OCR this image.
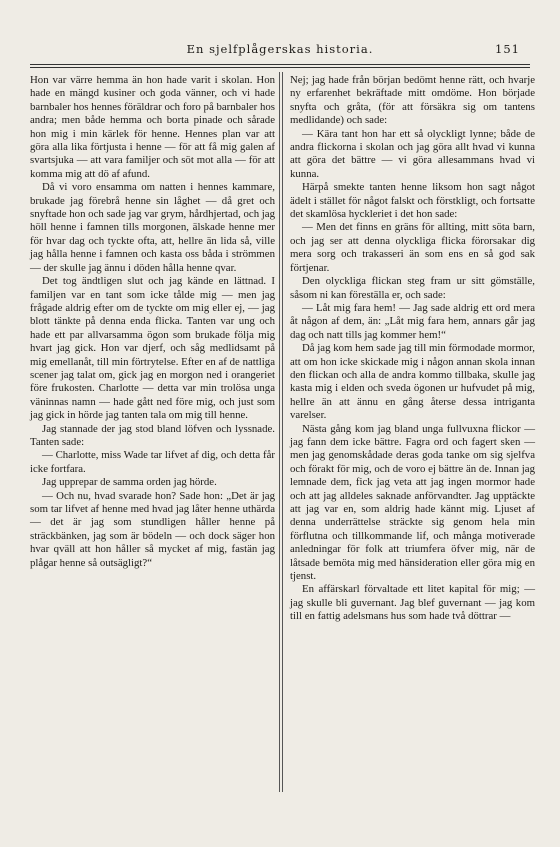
En sjelfplågerskas historia.	151

Hon var värre hemma än hon hade varit i skolan. Hon hade en mängd kusiner och goda vänner, och vi hade barnbaler hos hennes föräldrar och foro på barnbaler hos andra; men både hemma och borta pinade och sårade hon mig i min kärlek för henne. Hennes plan var att göra alla lika förtjusta i henne — för att få mig galen af svartsjuka — att vara familjer och söt mot alla — för att komma mig att dö af afund.

Då vi voro ensamma om natten i hennes kammare, brukade jag förebrå henne sin låghet — då gret och snyftade hon och sade jag var grym, hårdhjertad, och jag höll henne i famnen tills morgonen, älskade henne mer för hvar dag och tyckte ofta, att, hellre än lida så, ville jag hålla henne i famnen och kasta oss båda i strömmen — der skulle jag ännu i döden hålla henne qvar.

Det tog ändtligen slut och jag kände en lättnad. I familjen var en tant som icke tålde mig — men jag frågade aldrig efter om de tyckte om mig eller ej, — jag blott tänkte på denna enda flicka. Tanten var ung och hade ett par allvarsamma ögon som brukade följa mig hvart jag gick. Hon var djerf, och såg medlidsamt på mig emellanåt, till min förtrytelse. Efter en af de nattliga scener jag talat om, gick jag en morgon ned i orangeriet före frukosten. Charlotte — detta var min trolösa unga väninnas namn — hade gått ned före mig, och just som jag gick in hörde jag tanten tala om mig till henne.

Jag stannade der jag stod bland löfven och lyssnade. Tanten sade:

— Charlotte, miss Wade tar lifvet af dig, och detta får icke fortfara.

Jag upprepar de samma orden jag hörde.

— Och nu, hvad svarade hon? Sade hon: „Det är jag som tar lifvet af henne med hvad jag låter henne uthärda — det är jag som stundligen håller henne på sträckbänken, jag som är bödeln — och dock säger hon hvar qväll att hon håller så mycket af mig, fastän jag plågar henne så outsägligt?“

Nej; jag hade från början bedömt henne rätt, och hvarje ny erfarenhet bekräftade mitt omdöme. Hon började snyfta och gråta, (för att försäkra sig om tantens medlidande) och sade:

— Kära tant hon har ett så olyckligt lynne; både de andra flickorna i skolan och jag göra allt hvad vi kunna att göra det bättre — vi göra allesammans hvad vi kunna.

Härpå smekte tanten henne liksom hon sagt något ädelt i stället för något falskt och förstkligt, och fortsatte det skamlösa hyckleriet i det hon sade:

— Men det finns en gräns för allting, mitt söta barn, och jag ser att denna olyckliga flicka förorsakar dig mera sorg och trakasseri än som ens en så god sak förtjenar.

Den olyckliga flickan steg fram ur sitt gömställe, såsom ni kan föreställa er, och sade:

— Låt mig fara hem! — Jag sade aldrig ett ord mera åt någon af dem, än: „Låt mig fara hem, annars går jag dag och natt tills jag kommer hem!“

Då jag kom hem sade jag till min förmodade mormor, att om hon icke skickade mig i någon annan skola innan den flickan och alla de andra kommo tillbaka, skulle jag kasta mig i elden och sveda ögonen ur hufvudet på mig, hellre än att ännu en gång återse dessa intriganta varelser.

Nästa gång kom jag bland unga fullvuxna flickor — jag fann dem icke bättre. Fagra ord och fagert sken — men jag genomskådade deras goda tanke om sig sjelfva och förakt för mig, och de voro ej bättre än de. Innan jag lemnade dem, fick jag veta att jag ingen mormor hade och att jag alldeles saknade anförvandter. Jag upptäckte att jag var en, som aldrig hade kännt mig. Ljuset af denna underrättelse sträckte sig genom hela min förflutna och tillkommande lif, och många motiverade anledningar för folk att triumfera öfver mig, när de låtsade bemöta mig med hänsideration eller göra mig en tjenst.

En affärskarl förvaltade ett litet kapital för mig; — jag skulle bli guvernant. Jag blef guvernant — jag kom till en fattig adelsmans hus som hade två döttrar —
